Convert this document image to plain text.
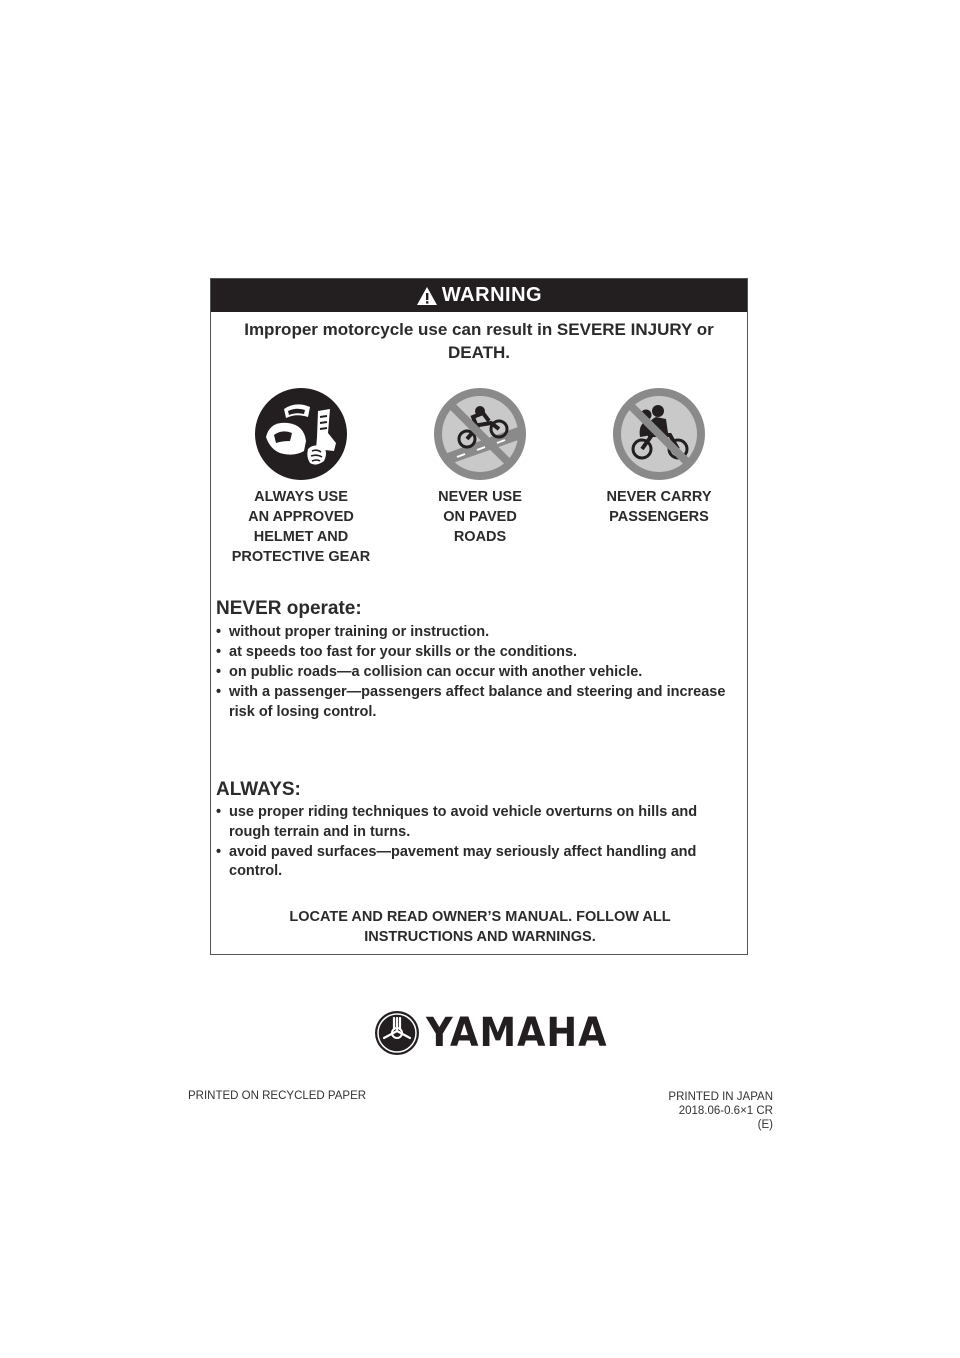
WARNING
Improper motorcycle use can result in SEVERE INJURY or DEATH.
ALWAYS USE
AN APPROVED
HELMET AND
PROTECTIVE GEAR
NEVER USE
ON PAVED
ROADS
NEVER CARRY
PASSENGERS
NEVER operate:
• without proper training or instruction.
• at speeds too fast for your skills or the conditions.
• on public roads—a collision can occur with another vehicle.
• with a passenger—passengers affect balance and steering and increase risk of losing control.
ALWAYS:
• use proper riding techniques to avoid vehicle overturns on hills and rough terrain and in turns.
• avoid paved surfaces—pavement may seriously affect handling and control.
LOCATE AND READ OWNER’S MANUAL. FOLLOW ALL INSTRUCTIONS AND WARNINGS.
YAMAHA
PRINTED ON RECYCLED PAPER	PRINTED IN JAPAN
2018.06-0.6×1 CR
(E)
